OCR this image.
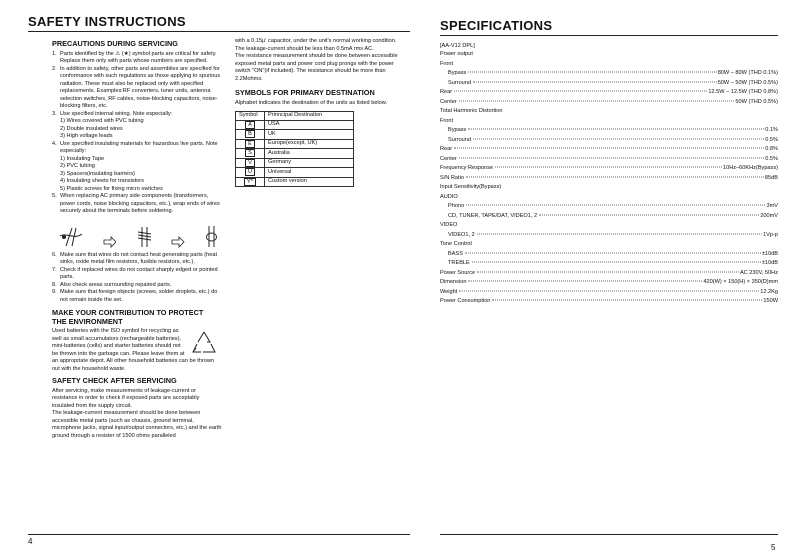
SAFETY INSTRUCTIONS
PRECAUTIONS DURING SERVICING
1. Parts identified by the ⚠ (★) symbol parts are critical for safety. Replace them only with parts whose numbers are specified.
2. In addition to safety, other parts and assemblies are specified for conformance with such regulations as those applying to spurious radiation. These must also be replaced only with specified replacements. Examples:RF converters, tuner units, antenna selection switches, RF cables, noise-blocking capacitors, noise-blocking filters, etc.
3. Use specified internal wiring. Note especially:
1) Wires covered with PVC tubing
2) Double insulated wires
3) High voltage leads
4. Use specified insulating materials for hazardous live parts. Note especially:
1) Insulating Tape
2) PVC tubing
3) Spacers(insulating barriers)
4) Insulating sheets for transistors
5) Plastic screws for fixing micro switches
5. When replacing AC primary side components (transformers, power cords, noise blocking capacitors, etc.), wrap ends of wires securely about the terminals before soldering.
6. Make sure that wires do not contact heat generating parts (heat sinks, oxide metal film resistors, fusible resistors, etc.).
7. Check if replaced wires do not contact sharply edged or pointed parts.
8. Also check areas surrounding repaired parts.
9. Make sure that foreign objects (screws, solder droplets, etc.) do not remain inside the set.
MAKE YOUR CONTRIBUTION TO PROTECT
THE ENVIRONMENT

Used batteries with the ISO symbol for recycling as well as small accumulators (rechargeable batteries), mini-batteries (cells) and starter batteries should not be thrown into the garbage can. Please leave them at an appropriate depot. All other household batteries can be thrown out with the household waste.

SAFETY CHECK AFTER SERVICING

After servicing, make measurements of leakage-current or resistance in order to check if exposed parts are acceptably insulated from the supply circuit.

The leakage-current measurement should be done between accessible metal parts (such as chassis, ground terminal, microphone jacks, signal input/output connectors, etc.) and the earth ground through a resister of 1500 ohms paralleled

with a 0.15μ' capacitor, under the unit's normal working condition.

The leakage-current should be less than 0.5mA rms AC.

The resistance measurement should be done between accessible exposed metal parts and power cord plug prongs with the power switch "ON"(if included). The resistance should be more than 2.2Mohms.

SYMBOLS FOR PRIMARY DESTINATION

Alphabet indicates the destination of the units as listed below.

Symbol	Prinncipal Destination
A	USA
B	UK
E	Europe(except, UK)
S	Australia
V	Germany
U	Universal
Y*	Custom version
4
SPECIFICATIONS
[AA-V12 DPL]
Power output
Front
Bypass	80W – 80W (THD 0.1%)
Surround	50W – 50W (THD 0.5%)
Rear	12.5W – 12.5W (THD 0.8%)
Center	50W (THD 0.5%)
Total Harmonic Distortion
Front
Bypass	0.1%
Surround	0.5%
Rear	0.8%
Center	0.5%
Frequency Response	10Hz–60KHz(Bypass)
S/N Ratio	85dB
Input Sensitivity(Bypass)
AUDIO
Phono	3mV
CD, TUNER, TAPE/DAT, VIDEO1, 2	200mV
VIDEO
VIDEO1, 2	1Vp-p
Tone Control
BASS	±10dB
TREBLE	±10dB
Power Source	AC 230V, 50Hz
Dimension	420(W) × 150(H) × 350(D)mm
Weight	12.2Kg
Power Consumption	150W
5
